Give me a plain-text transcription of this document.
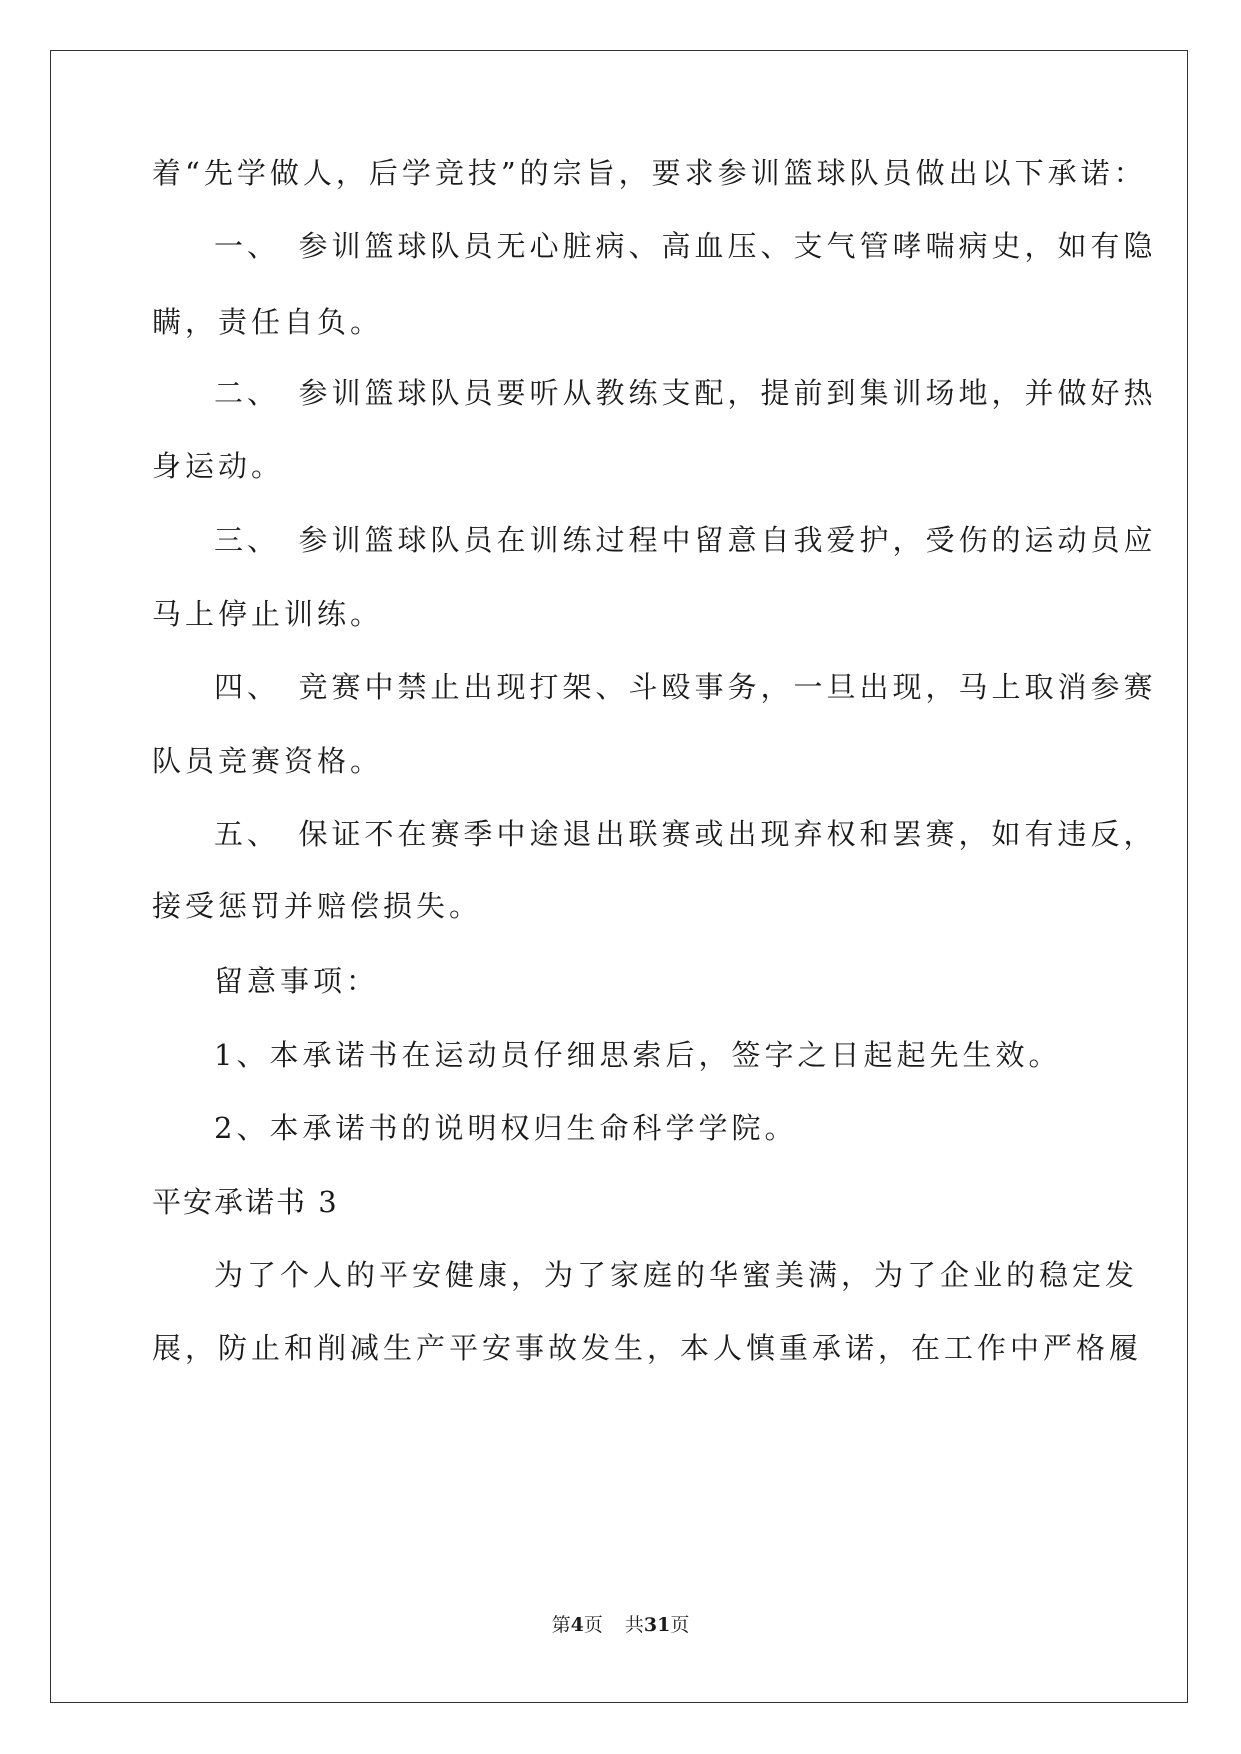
着“先学做人，后学竞技”的宗旨，要求参训篮球队员做出以下承诺：
一、　参训篮球队员无心脏病、高血压、支气管哮喘病史，如有隐
瞒，责任自负。
二、　参训篮球队员要听从教练支配，提前到集训场地，并做好热
身运动。
三、　参训篮球队员在训练过程中留意自我爱护，受伤的运动员应
马上停止训练。
四、　竞赛中禁止出现打架、斗殴事务，一旦出现，马上取消参赛
队员竞赛资格。
五、　保证不在赛季中途退出联赛或出现弃权和罢赛，如有违反，
接受惩罚并赔偿损失。
留意事项：
1、本承诺书在运动员仔细思索后，签字之日起起先生效。
2、本承诺书的说明权归生命科学学院。
平安承诺书 3
为了个人的平安健康，为了家庭的华蜜美满，为了企业的稳定发
展，防止和削减生产平安事故发生，本人慎重承诺，在工作中严格履
第4页 共31页
